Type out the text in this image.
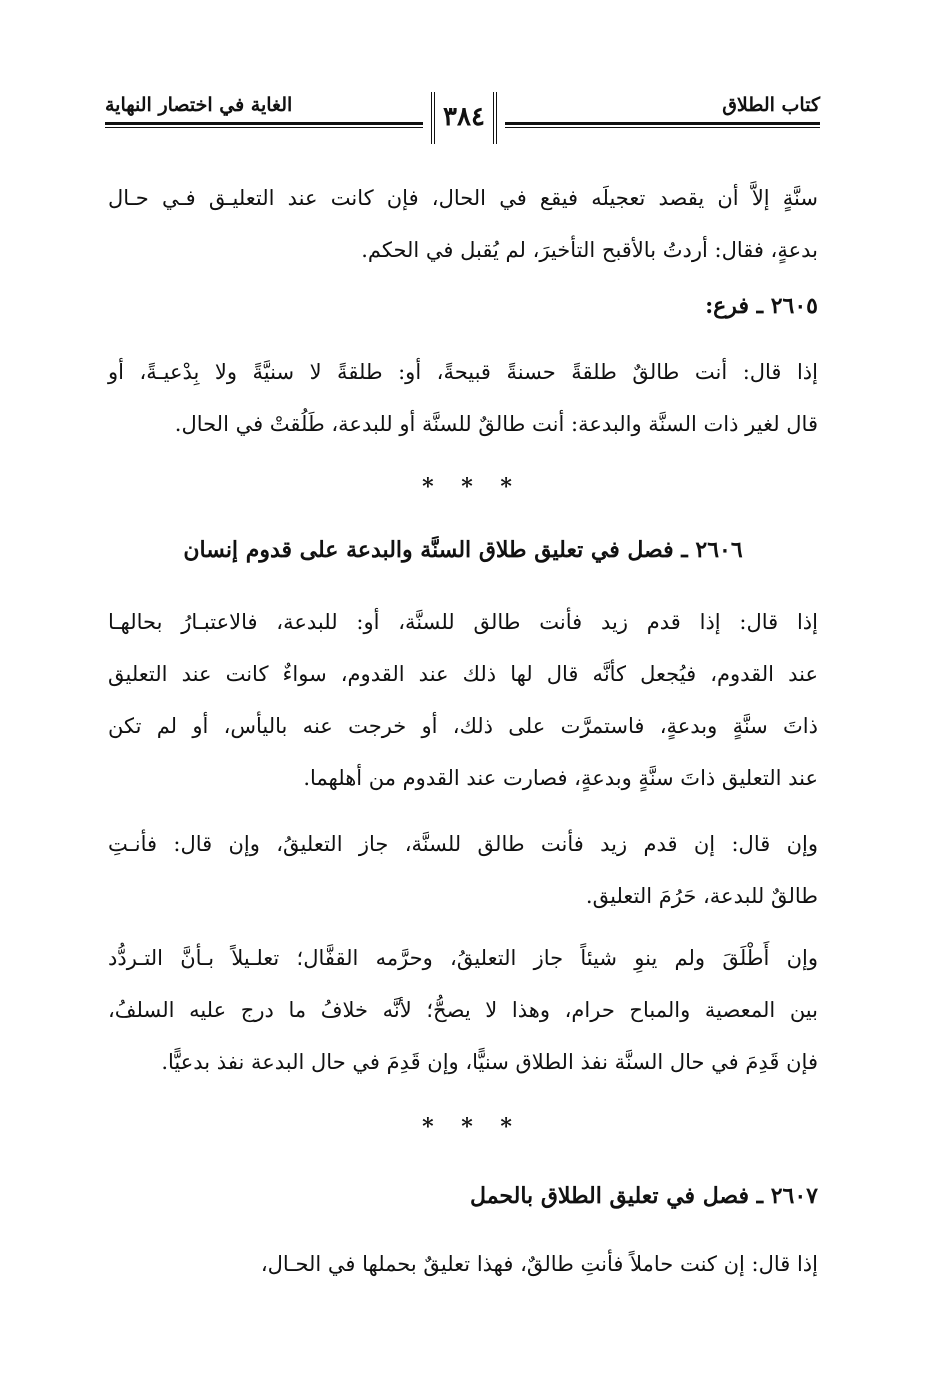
كتاب الطلاق
الغاية في اختصار النهاية	٣٨٤
سنَّةٍ إلاَّ أن يقصد تعجيلَه فيقع في الحال، فإن كانت عند التعليـق فـي حـال
بدعةٍ، فقال: أردتُ بالأقبح التأخيرَ، لم يُقبل في الحكم.
٢٦٠٥ ـ فرع:
إذا قال: أنت طالقٌ طلقةً حسنةً قبيحةً، أو: طلقةً لا سنيَّةً ولا بِدْعيـةً، أو
قال لغير ذات السنَّة والبدعة: أنت طالقٌ للسنَّة أو للبدعة، طَلُقتْ في الحال.
* * *
٢٦٠٦ ـ فصل في تعليق طلاق السنَّة والبدعة على قدوم إنسان
إذا قال: إذا قدم زيد فأنت طالق للسنَّة، أو: للبدعة، فالاعتبـارُ بحالهـا
عند القدوم، فيُجعل كأنَّه قال لها ذلك عند القدوم، سواءٌ كانت عند التعليق
ذاتَ سنَّةٍ وبدعةٍ، فاستمرَّت على ذلك، أو خرجت عنه باليأس، أو لم تكن
عند التعليق ذاتَ سنَّةٍ وبدعةٍ، فصارت عند القدوم من أهلهما.
وإن قال: إن قدم زيد فأنت طالق للسنَّة، جاز التعليقُ، وإن قال: فأنـتِ
طالقٌ للبدعة، حَرُمَ التعليق.
وإن أَطْلَقَ ولم ينوِ شيئاً جاز التعليقُ، وحرَّمه القفَّال؛ تعلـيلاً بـأنَّ التـردُّد
بين المعصية والمباح حرام، وهذا لا يصحُّ؛ لأنَّه خلافُ ما درج عليه السلفُ،
فإن قَدِمَ في حال السنَّة نفذ الطلاق سنيًّا، وإن قَدِمَ في حال البدعة نفذ بدعيًّا.
* * *
٢٦٠٧ ـ فصل في تعليق الطلاق بالحمل
إذا قال: إن كنت حاملاً فأنتِ طالقٌ، فهذا تعليقٌ بحملها في الحـال،
